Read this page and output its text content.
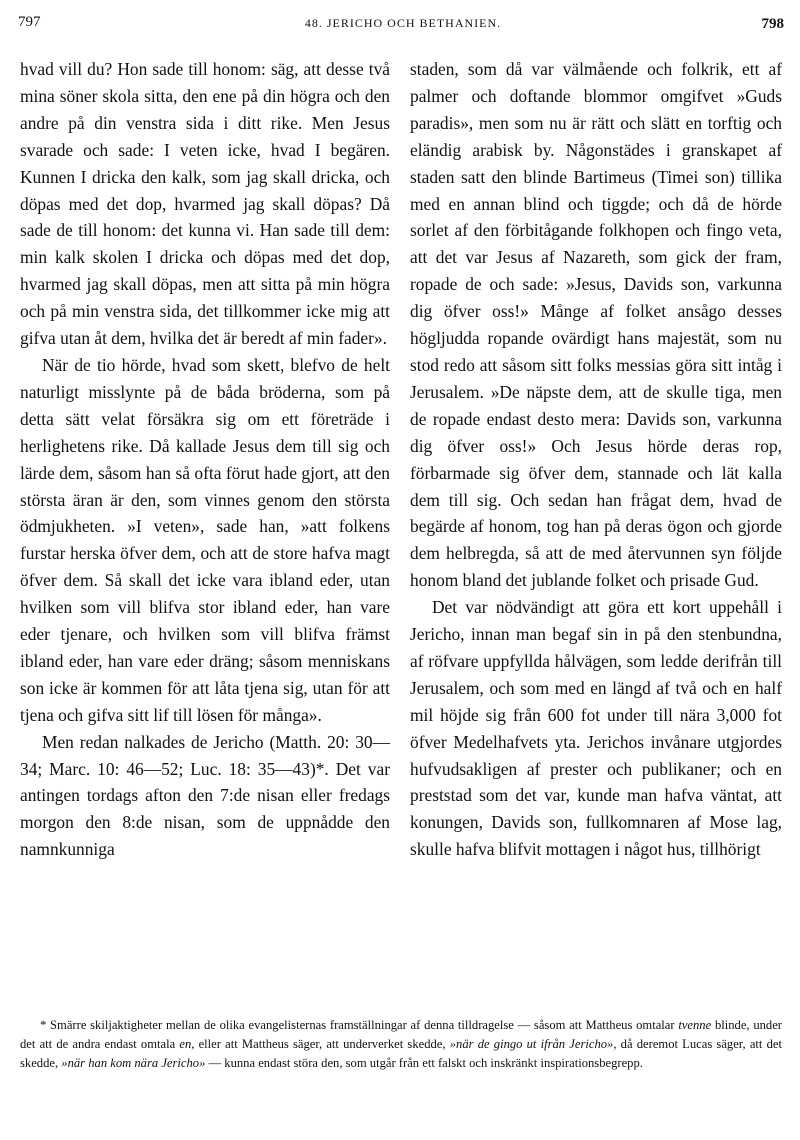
797	48. JERICHO OCH BETHANIEN.	798

hvad vill du? Hon sade till honom: säg, att desse två mina söner skola sitta, den ene på din högra och den andre på din venstra sida i ditt rike. Men Jesus svarade och sade: I veten icke, hvad I begären. Kunnen I dricka den kalk, som jag skall dricka, och döpas med det dop, hvarmed jag skall döpas? Då sade de till honom: det kunna vi. Han sade till dem: min kalk skolen I dricka och döpas med det dop, hvarmed jag skall döpas, men att sitta på min högra och på min venstra sida, det tillkommer icke mig att gifva utan åt dem, hvilka det är beredt af min fader».

När de tio hörde, hvad som skett, blefvo de helt naturligt misslynte på de båda bröderna, som på detta sätt velat försäkra sig om ett företräde i herlighetens rike. Då kallade Jesus dem till sig och lärde dem, såsom han så ofta förut hade gjort, att den största äran är den, som vinnes genom den största ödmjukheten. »I veten», sade han, »att folkens furstar herska öfver dem, och att de store hafva magt öfver dem. Så skall det icke vara ibland eder, utan hvilken som vill blifva stor ibland eder, han vare eder tjenare, och hvilken som vill blifva främst ibland eder, han vare eder dräng; såsom menniskans son icke är kommen för att låta tjena sig, utan för att tjena och gifva sitt lif till lösen för många».

Men redan nalkades de Jericho (Matth. 20: 30—34; Marc. 10: 46—52; Luc. 18: 35—43)*. Det var antingen tordags afton den 7:de nisan eller fredags morgon den 8:de nisan, som de uppnådde den namnkunniga

staden, som då var välmående och folkrik, ett af palmer och doftande blommor omgifvet »Guds paradis», men som nu är rätt och slätt en torftig och eländig arabisk by. Någonstädes i granskapet af staden satt den blinde Bartimeus (Timei son) tillika med en annan blind och tiggde; och då de hörde sorlet af den förbitågande folkhopen och fingo veta, att det var Jesus af Nazareth, som gick der fram, ropade de och sade: »Jesus, Davids son, varkunna dig öfver oss!» Månge af folket ansågo desses högljudda ropande ovärdigt hans majestät, som nu stod redo att såsom sitt folks messias göra sitt intåg i Jerusalem. »De näpste dem, att de skulle tiga, men de ropade endast desto mera: Davids son, varkunna dig öfver oss!» Och Jesus hörde deras rop, förbarmade sig öfver dem, stannade och lät kalla dem till sig. Och sedan han frågat dem, hvad de begärde af honom, tog han på deras ögon och gjorde dem helbregda, så att de med återvunnen syn följde honom bland det jublande folket och prisade Gud.

Det var nödvändigt att göra ett kort uppehåll i Jericho, innan man begaf sin in på den stenbundna, af röfvare uppfyllda hålvägen, som ledde derifrån till Jerusalem, och som med en längd af två och en half mil höjde sig från 600 fot under till nära 3,000 fot öfver Medelhafvets yta. Jerichos invånare utgjordes hufvudsakligen af prester och publikaner; och en preststad som det var, kunde man hafva väntat, att konungen, Davids son, fullkomnaren af Mose lag, skulle hafva blifvit mottagen i något hus, tillhörigt

* Smärre skiljaktigheter mellan de olika evangelisternas framställningar af denna tilldragelse — såsom att Mattheus omtalar tvenne blinde, under det att de andra endast omtala en, eller att Mattheus säger, att underverket skedde, »när de gingo ut ifrån Jericho», då deremot Lucas säger, att det skedde, »när han kom nära Jericho» — kunna endast störa den, som utgår från ett falskt och inskränkt inspirationsbegrepp.
